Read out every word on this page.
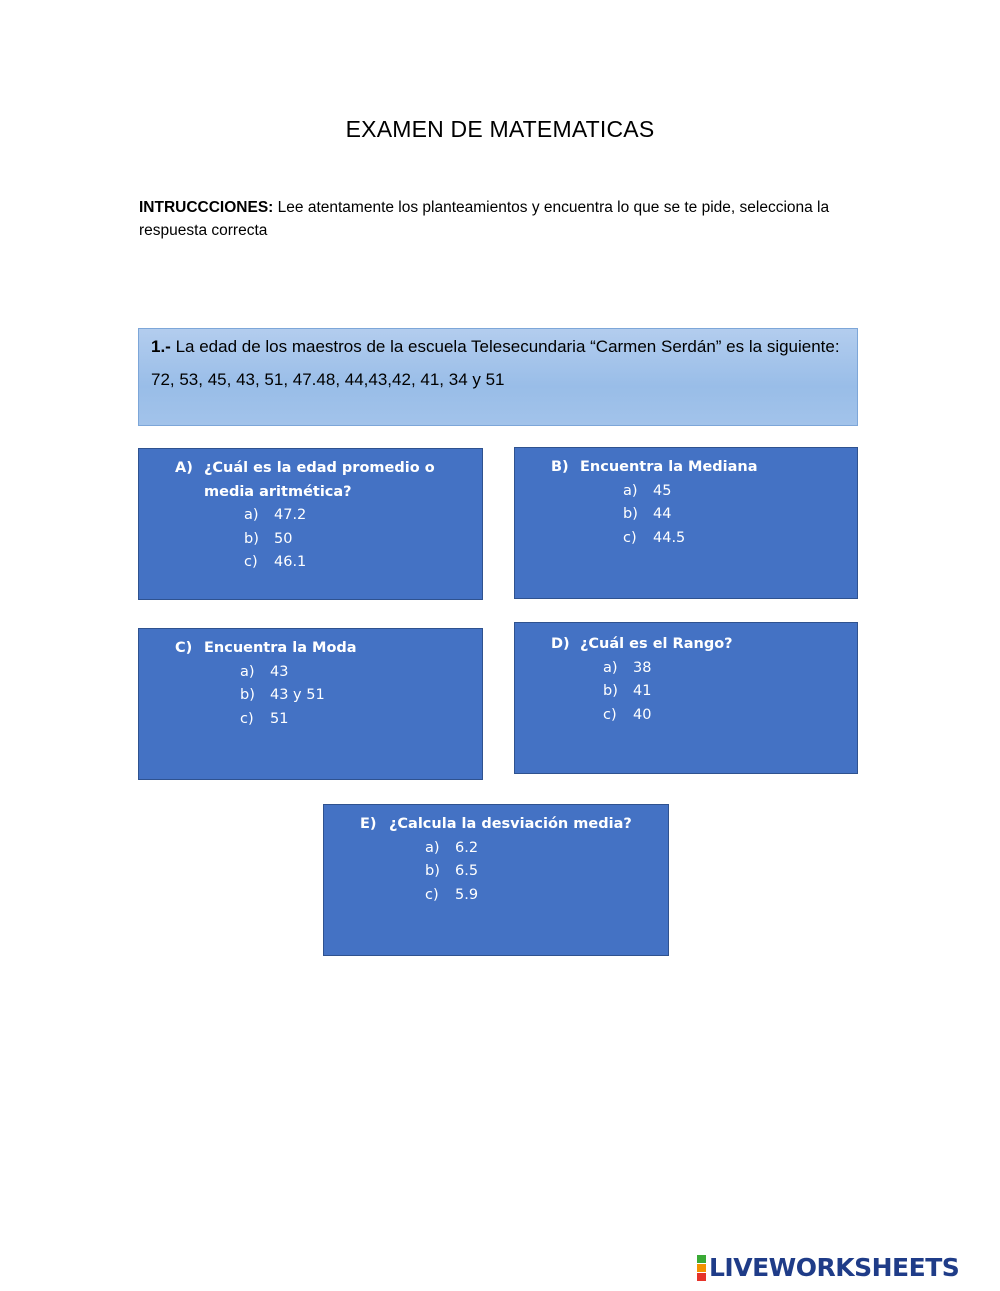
EXAMEN DE MATEMATICAS
INTRUCCCIONES: Lee atentamente los planteamientos y encuentra lo que se te pide, selecciona la respuesta correcta
1.- La edad de los maestros de la escuela Telesecundaria “Carmen Serdán” es la siguiente:
72, 53, 45, 43, 51, 47.48, 44,43,42, 41, 34 y 51
A) ¿Cuál es la edad promedio o media aritmética?
a)	47.2
b)	50
c)	46.1
B) Encuentra la Mediana
a)	45
b)	44
c)	44.5
C) Encuentra la Moda
a)	43
b)	43 y 51
c)	51
D) ¿Cuál es el Rango?
a)	38
b)	41
c)	40
E) ¿Calcula la desviación media?
a)	6.2
b)	6.5
c)	5.9
LIVEWORKSHEETS
